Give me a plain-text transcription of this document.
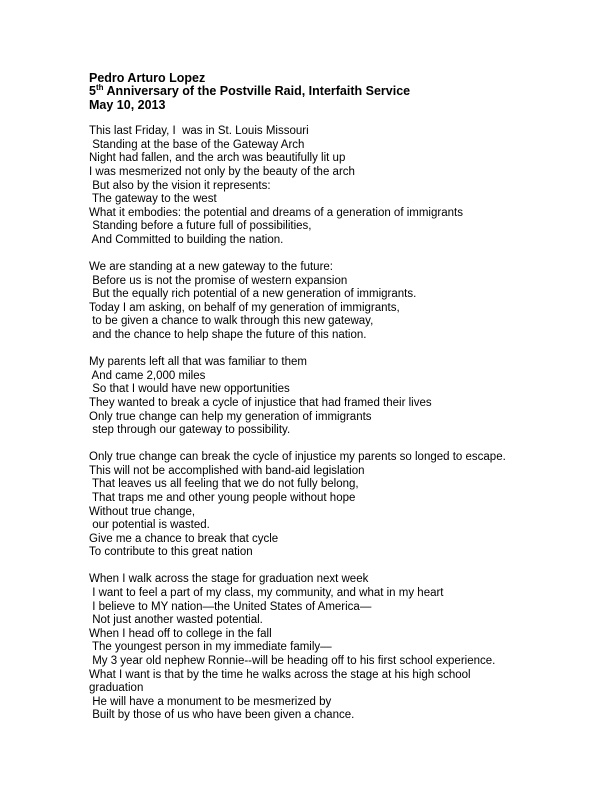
Pedro Arturo Lopez
5th Anniversary of the Postville Raid, Interfaith Service
May 10, 2013
This last Friday, I  was in St. Louis Missouri
Standing at the base of the Gateway Arch
Night had fallen, and the arch was beautifully lit up
I was mesmerized not only by the beauty of the arch
But also by the vision it represents:
The gateway to the west
What it embodies: the potential and dreams of a generation of immigrants
Standing before a future full of possibilities,
And Committed to building the nation.
We are standing at a new gateway to the future:
Before us is not the promise of western expansion
But the equally rich potential of a new generation of immigrants.
Today I am asking, on behalf of my generation of immigrants,
to be given a chance to walk through this new gateway,
and the chance to help shape the future of this nation.
My parents left all that was familiar to them
And came 2,000 miles
So that I would have new opportunities
They wanted to break a cycle of injustice that had framed their lives
Only true change can help my generation of immigrants
step through our gateway to possibility.
Only true change can break the cycle of injustice my parents so longed to escape.
This will not be accomplished with band-aid legislation
That leaves us all feeling that we do not fully belong,
That traps me and other young people without hope
Without true change,
our potential is wasted.
Give me a chance to break that cycle
To contribute to this great nation
When I walk across the stage for graduation next week
I want to feel a part of my class, my community, and what in my heart
I believe to MY nation—the United States of America—
Not just another wasted potential.
When I head off to college in the fall
The youngest person in my immediate family—
My 3 year old nephew Ronnie--will be heading off to his first school experience.
What I want is that by the time he walks across the stage at his high school
graduation
He will have a monument to be mesmerized by
Built by those of us who have been given a chance.
